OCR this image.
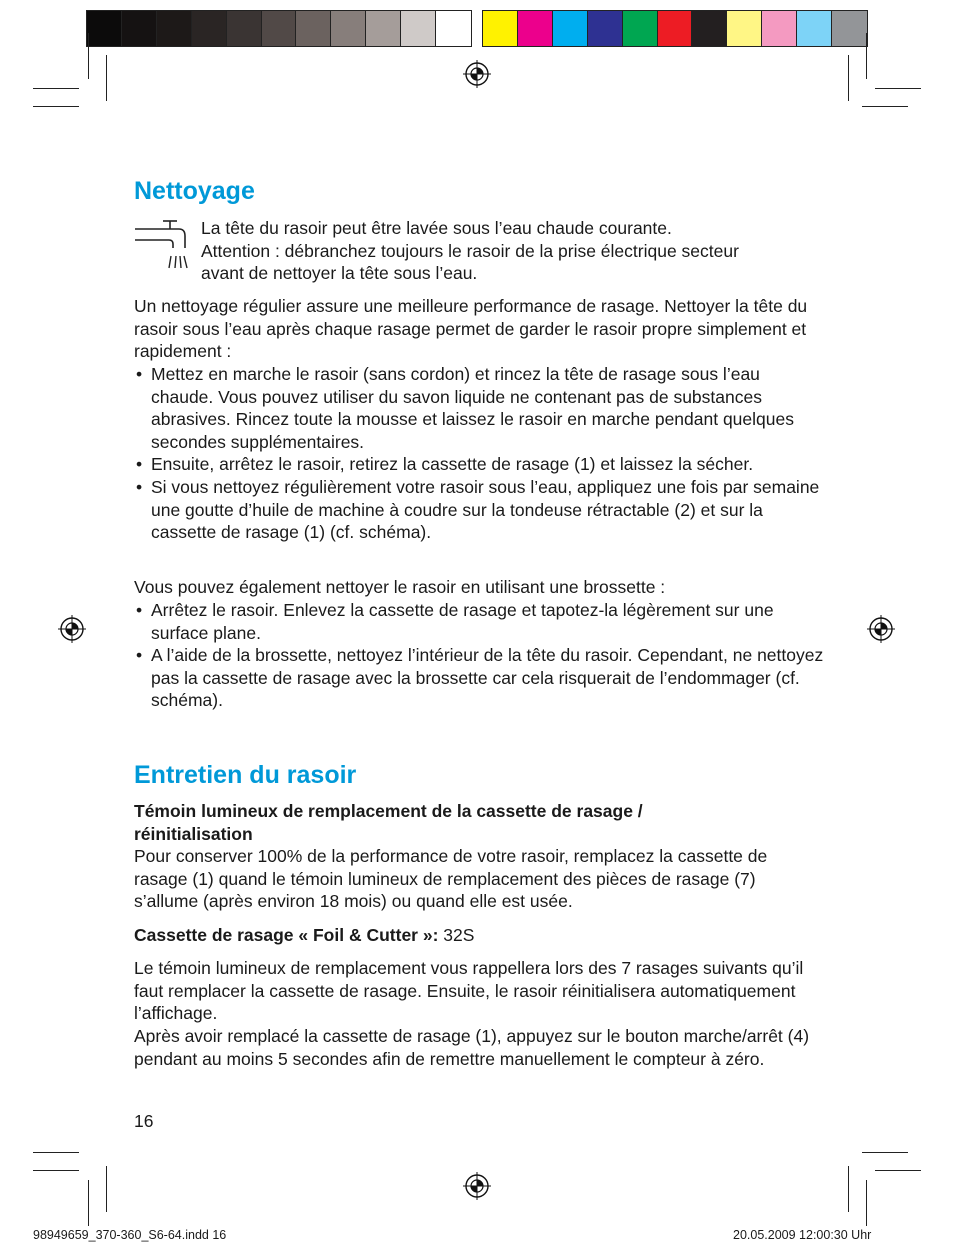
Nettoyage
La tête du rasoir peut être lavée sous l’eau chaude courante.
Attention : débranchez toujours le rasoir de la prise électrique secteur
avant de nettoyer la tête sous l’eau.

Un nettoyage régulier assure une meilleure performance de rasage. Nettoyer la tête du rasoir sous l’eau après chaque rasage permet de garder le rasoir propre simplement et rapidement :

• Mettez en marche le rasoir (sans cordon) et rincez la tête de rasage sous l’eau chaude. Vous pouvez utiliser du savon liquide ne contenant pas de substances abrasives. Rincez toute la mousse et laissez le rasoir en marche pendant quelques secondes supplémentaires.
• Ensuite, arrêtez le rasoir, retirez la cassette de rasage (1) et laissez la sécher.
• Si vous nettoyez régulièrement votre rasoir sous l’eau, appliquez une fois par semaine une goutte d’huile de machine à coudre sur la tondeuse rétractable (2) et sur la cassette de rasage (1) (cf. schéma).

Vous pouvez également nettoyer le rasoir en utilisant une brossette :

• Arrêtez le rasoir. Enlevez la cassette de rasage et tapotez-la légèrement sur une surface plane.
• A l’aide de la brossette, nettoyez l’intérieur de la tête du rasoir. Cependant, ne nettoyez pas la cassette de rasage avec la brossette car cela risquerait de l’endommager (cf. schéma).
Entretien du rasoir

Témoin lumineux de remplacement de la cassette de rasage / réinitialisation

Pour conserver 100% de la performance de votre rasoir, remplacez la cassette de rasage (1) quand le témoin lumineux de remplacement des pièces de rasage (7) s’allume (après environ 18 mois) ou quand elle est usée.

Cassette de rasage « Foil & Cutter »: 32S

Le témoin lumineux de remplacement vous rappellera lors des 7 rasages suivants qu’il faut remplacer la cassette de rasage. Ensuite, le rasoir réinitialisera automatiquement l’affichage.

Après avoir remplacé la cassette de rasage (1), appuyez sur le bouton marche/arrêt (4) pendant au moins 5 secondes afin de remettre manuellement le compteur à zéro.

16
98949659_370-360_S6-64.indd 16	20.05.2009 12:00:30 Uhr
